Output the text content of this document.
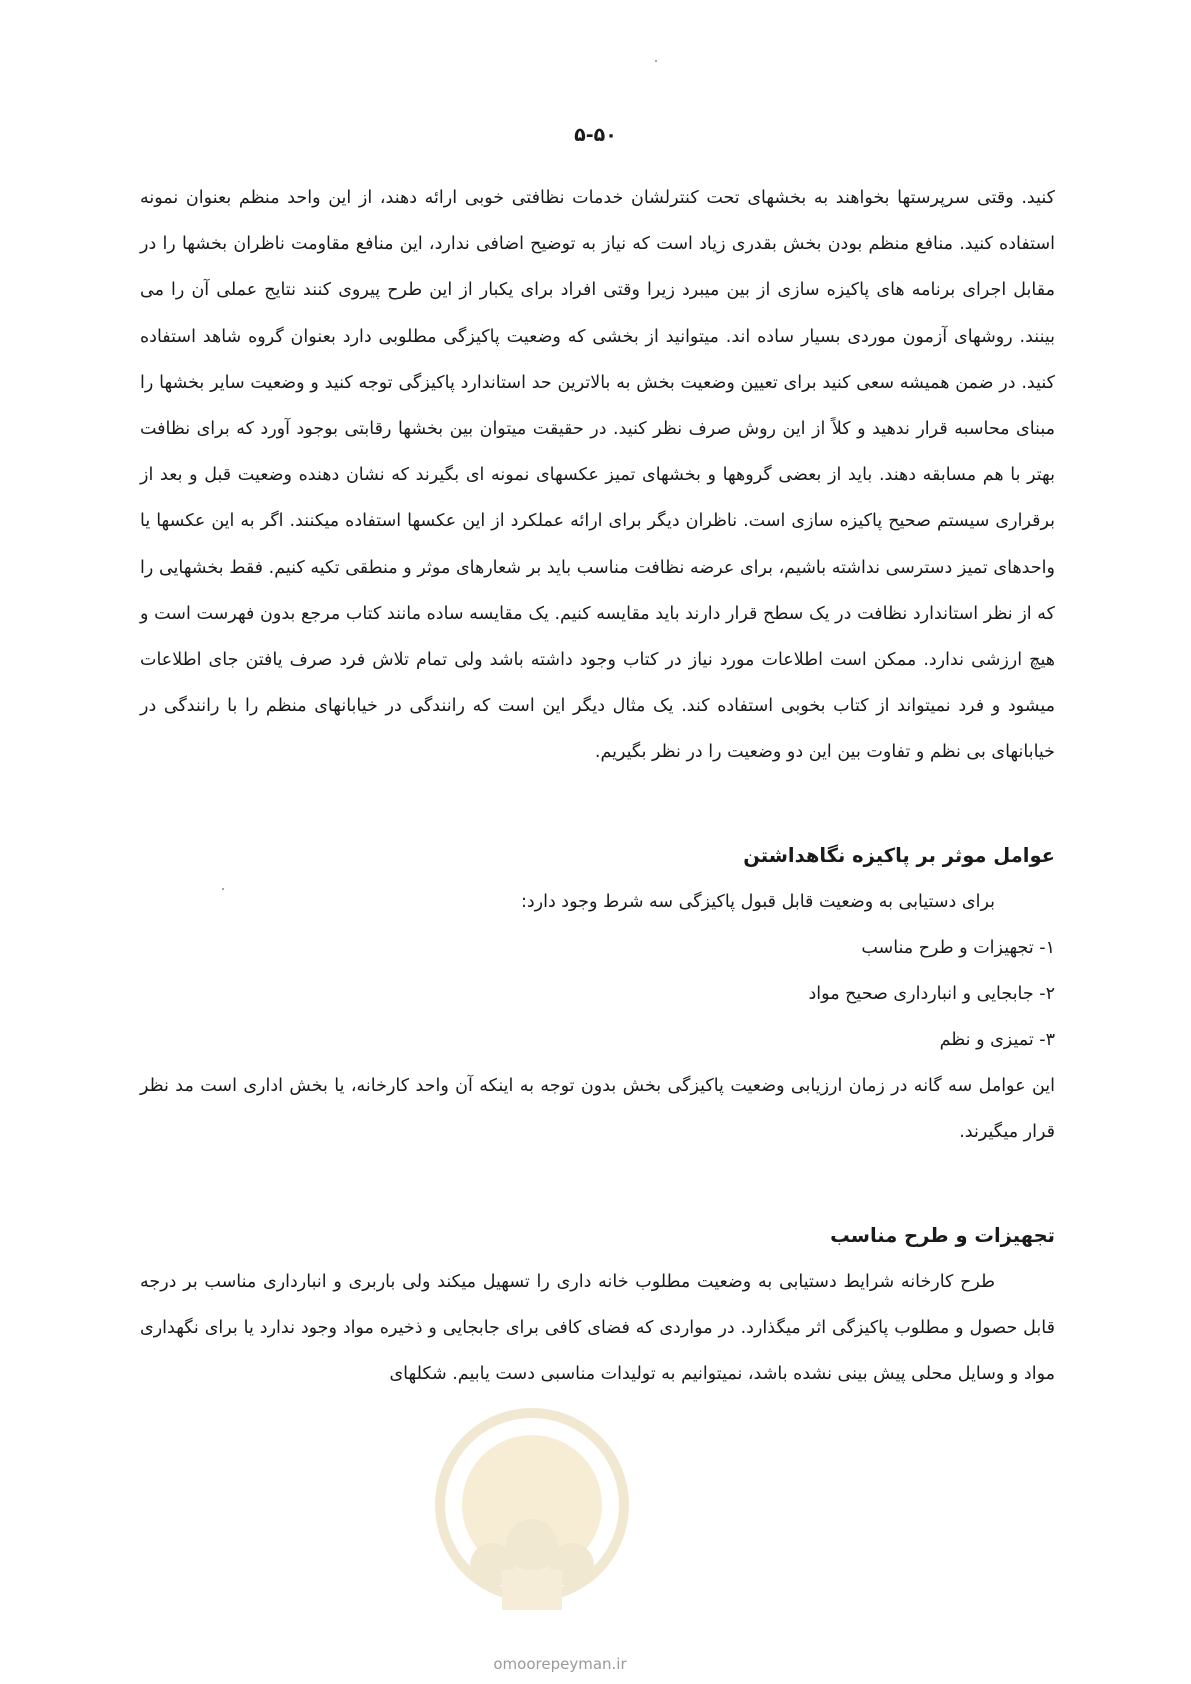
۵-۵۰

کنید. وقتی سرپرستها بخواهند به بخشهای تحت کنترلشان خدمات نظافتی خوبی ارائه دهند، از این واحد منظم بعنوان نمونه استفاده کنید. منافع منظم بودن بخش بقدری زیاد است که نیاز به توضیح اضافی ندارد، این منافع مقاومت ناظران بخشها را در مقابل اجرای برنامه های پاکیزه سازی از بین میبرد زیرا وقتی افراد برای یکبار از این طرح پیروی کنند نتایج عملی آن را می بینند. روشهای آزمون موردی بسیار ساده اند. میتوانید از بخشی که وضعیت پاکیزگی مطلوبی دارد بعنوان گروه شاهد استفاده کنید. در ضمن همیشه سعی کنید برای تعیین وضعیت بخش به بالاترین حد استاندارد پاکیزگی توجه کنید و وضعیت سایر بخشها را مبنای محاسبه قرار ندهید و کلاً از این روش صرف نظر کنید. در حقیقت میتوان بین بخشها رقابتی بوجود آورد که برای نظافت بهتر با هم مسابقه دهند. باید از بعضی گروهها و بخشهای تمیز عکسهای نمونه ای بگیرند که نشان دهنده وضعیت قبل و بعد از برقراری سیستم صحیح پاکیزه سازی است. ناظران دیگر برای ارائه عملکرد از این عکسها استفاده میکنند. اگر به این عکسها یا واحدهای تمیز دسترسی نداشته باشیم، برای عرضه نظافت مناسب باید بر شعارهای موثر و منطقی تکیه کنیم. فقط بخشهایی را که از نظر استاندارد نظافت در یک سطح قرار دارند باید مقایسه کنیم. یک مقایسه ساده مانند کتاب مرجع بدون فهرست است و هیچ ارزشی ندارد. ممکن است اطلاعات مورد نیاز در کتاب وجود داشته باشد ولی تمام تلاش فرد صرف یافتن جای اطلاعات میشود و فرد نمیتواند از کتاب بخوبی استفاده کند. یک مثال دیگر این است که رانندگی در خیابانهای منظم را با رانندگی در خیابانهای بی نظم و تفاوت بین این دو وضعیت را در نظر بگیریم.

عوامل موثر بر پاکیزه نگاهداشتن

برای دستیابی به وضعیت قابل قبول پاکیزگی سه شرط وجود دارد:

۱- تجهیزات و طرح مناسب
۲- جابجایی و انبارداری صحیح مواد
۳- تمیزی و نظم

این عوامل سه گانه در زمان ارزیابی وضعیت پاکیزگی بخش بدون توجه به اینکه آن واحد کارخانه، یا بخش اداری است مد نظر قرار میگیرند.

تجهیزات و طرح مناسب

طرح کارخانه شرایط دستیابی به وضعیت مطلوب خانه داری را تسهیل میکند ولی باربری و انبارداری مناسب بر درجه قابل حصول و مطلوب پاکیزگی اثر میگذارد. در مواردی که فضای کافی برای جابجایی و ذخیره مواد وجود ندارد یا برای نگهداری مواد و وسایل محلی پیش بینی نشده باشد، نمیتوانیم به تولیدات مناسبی دست یابیم. شکلهای

omoorepeyman.ir
